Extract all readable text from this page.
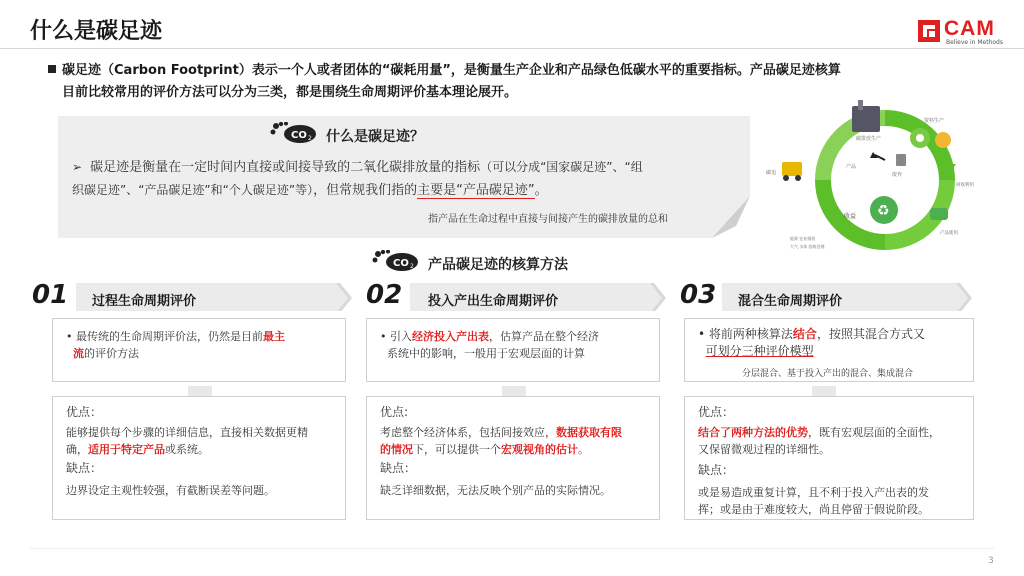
什么是碳足迹	CAM
Believe in Methods
碳足迹（Carbon Footprint）表示一个人或者团体的“碳耗用量”，是衡量生产企业和产品绿色低碳水平的重要指标。产品碳足迹核算
目前比较常用的评价方法可以分为三类，都是围绕生命周期评价基本理论展开。
CO 2 什么是碳足迹？
➢ 碳足迹是衡量在一定时间内直接或间接导致的二氧化碳排放量的指标（可以分成“国家碳足迹”、“组
织碳足迹”、“产品碳足迹”和“个人碳足迹”等），但常规我们指的主要是“产品碳足迹”。
指产品在生命过程中直接与间接产生的碳排放量的总和
♻
碳排放生产
资料生产
碳追
产品
废弃
收益
能源 农业排放
大气 水体 固废处理
回收利用
产品使用
CO 2 产品碳足迹的核算方法
01 过程生命周期评价
• 最传统的生命周期评价法，仍然是目前最主
流的评价方法
优点：
能够提供每个步骤的详细信息，直接相关数据更精
确，适用于特定产品或系统。
缺点：
边界设定主观性较强，有截断误差等问题。
02 投入产出生命周期评价
• 引入经济投入产出表，估算产品在整个经济
系统中的影响，一般用于宏观层面的计算
优点:
考虑整个经济体系，包括间接效应，数据获取有限
的情况下，可以提供一个宏观视角的估计。
缺点：
缺乏详细数据，无法反映个别产品的实际情况。
03 混合生命周期评价
• 将前两种核算法结合，按照其混合方式又
可划分三种评价模型
分层混合、基于投入产出的混合、集成混合
优点：
结合了两种方法的优势，既有宏观层面的全面性，
又保留微观过程的详细性。
缺点：
或是易造成重复计算，且不利于投入产出表的发
挥；或是由于难度较大，尚且停留于假说阶段。
3
